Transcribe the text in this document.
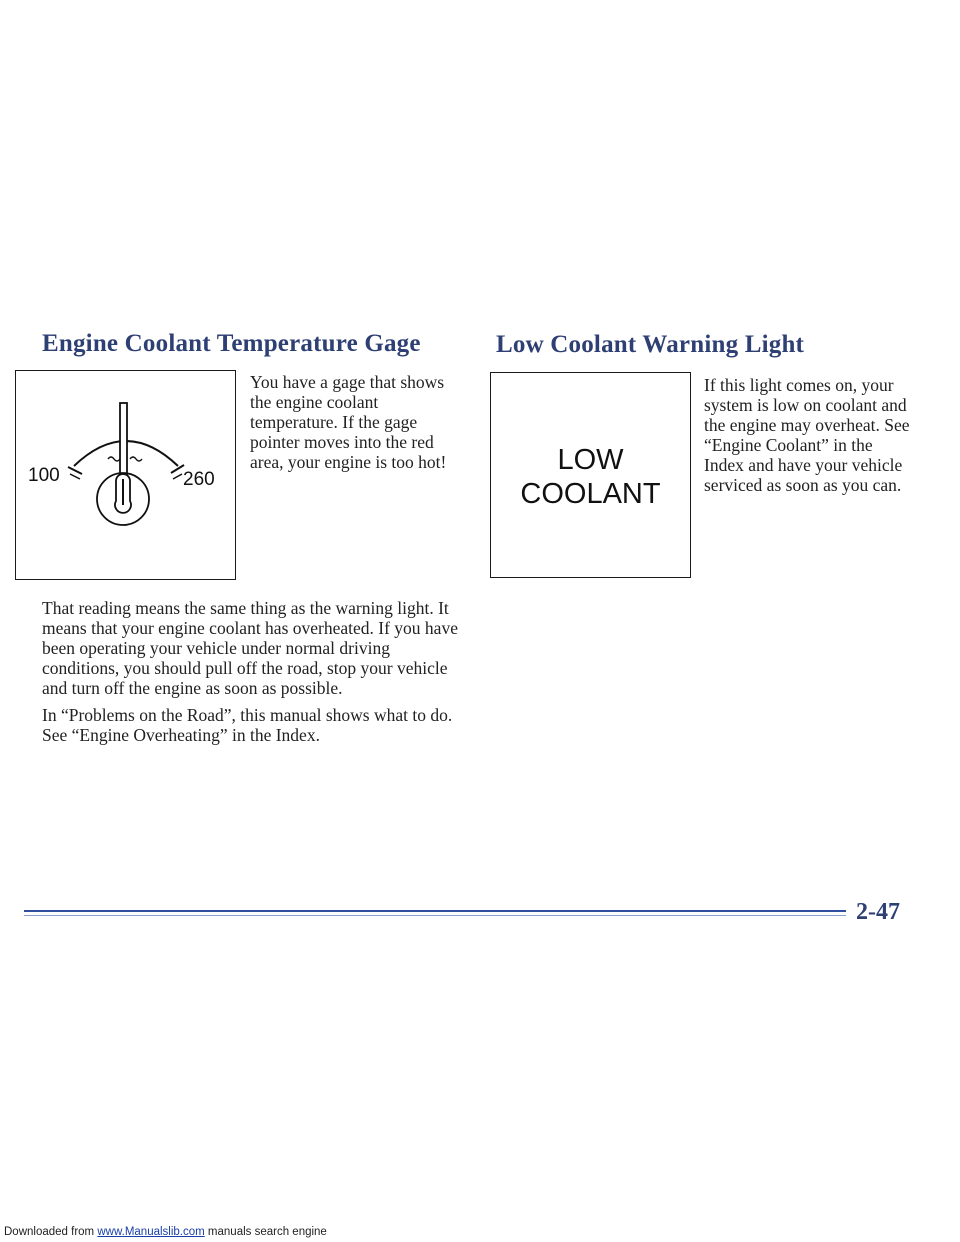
Engine Coolant Temperature Gage
100	260

You have a gage that shows the engine coolant temperature. If the gage pointer moves into the red area, your engine is too hot!

That reading means the same thing as the warning light. It means that your engine coolant has overheated. If you have been operating your vehicle under normal driving conditions, you should pull off the road, stop your vehicle and turn off the engine as soon as possible.

In “Problems on the Road”, this manual shows what to do. See “Engine Overheating” in the Index.

Low Coolant Warning Light
LOW
COOLANT

If this light comes on, your system is low on coolant and the engine may overheat. See “Engine Coolant” in the Index and have your vehicle serviced as soon as you can.

2-47
Downloaded from www.Manualslib.com manuals search engine
